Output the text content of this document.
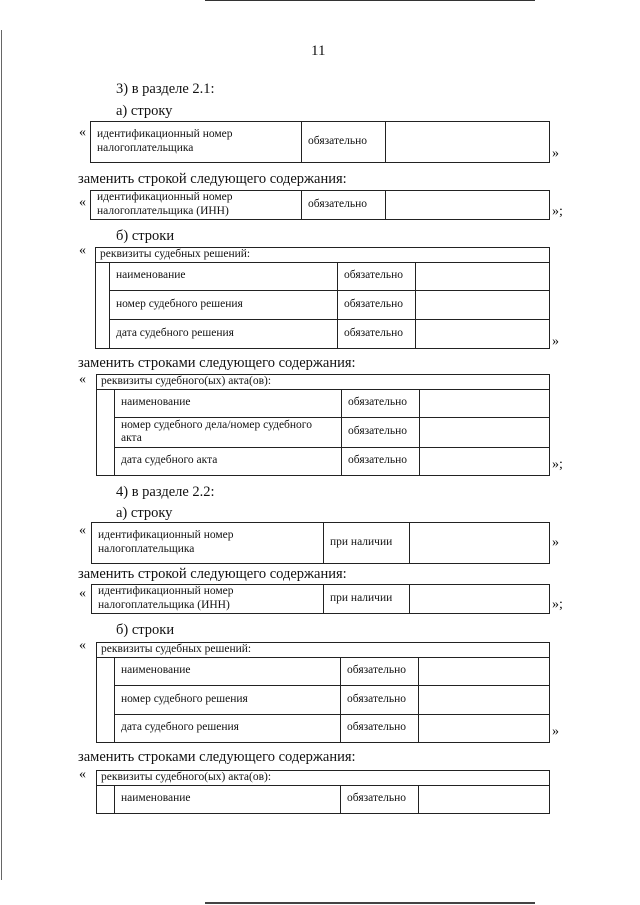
11
3) в разделе 2.1:
а) строку
« идентификационный номер налогоплательщика	обязательно	
»
заменить строкой следующего содержания:
« идентификационный номер налогоплательщика (ИНН)	обязательно		»;
б) строки
« реквизиты судебных решений:			
	наименование	обязательно	
	номер судебного решения	обязательно	
	дата судебного решения	обязательно	
»
заменить строками следующего содержания:
« реквизиты судебного(ых) акта(ов):			
	наименование	обязательно	
	номер судебного дела/номер судебного акта	обязательно	
	дата судебного акта	обязательно		»;
4) в разделе 2.2:
а) строку
« идентификационный номер налогоплательщика	при наличии		»
заменить строкой следующего содержания:
« идентификационный номер налогоплательщика (ИНН)	при наличии		»;
б) строки
« реквизиты судебных решений:			
	наименование	обязательно	
	номер судебного решения	обязательно	
	дата судебного решения	обязательно		»
заменить строками следующего содержания:
« реквизиты судебного(ых) акта(ов):
	наименование	обязательно	
